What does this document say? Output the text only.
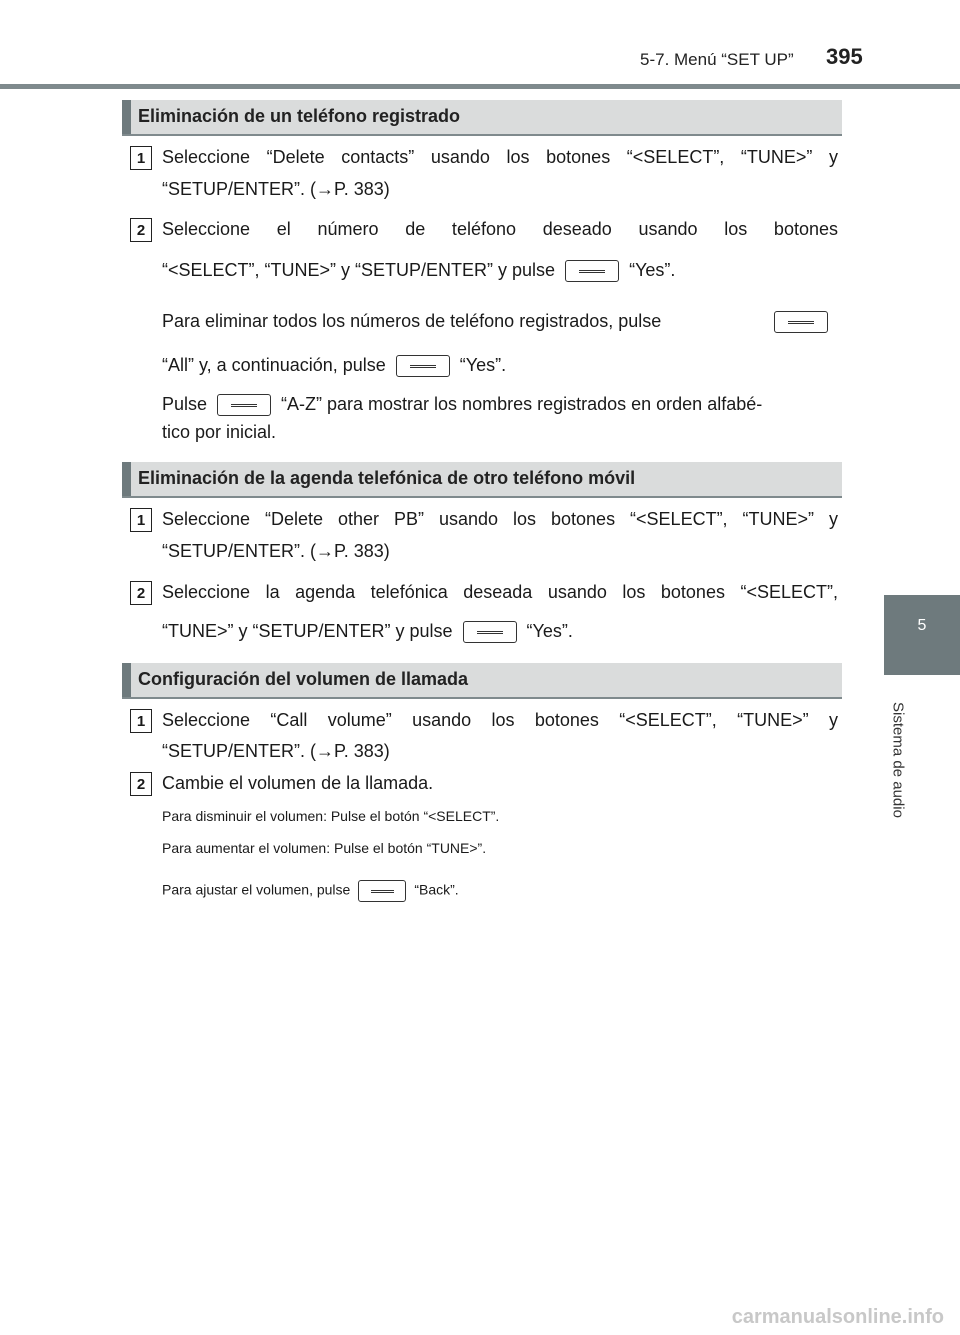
5-7. Menú “SET UP” 395
5
Sistema de audio
Eliminación de un teléfono registrado
1 Seleccione “Delete contacts” usando los botones “<SELECT”, “TUNE>” y
“SETUP/ENTER”. (→P. 383)
2 Seleccione el número de teléfono deseado usando los botones
“<SELECT”, “TUNE>” y “SETUP/ENTER” y pulse	“Yes”.
Para eliminar todos los números de teléfono registrados, pulse
“All” y, a continuación, pulse	“Yes”.
Pulse	“A-Z” para mostrar los nombres registrados en orden alfabé-
tico por inicial.
Eliminación de la agenda telefónica de otro teléfono móvil
1 Seleccione “Delete other PB” usando los botones “<SELECT”, “TUNE>” y
“SETUP/ENTER”. (→P. 383)
2 Seleccione la agenda telefónica deseada usando los botones “<SELECT”,
“TUNE>” y “SETUP/ENTER” y pulse	“Yes”.
Configuración del volumen de llamada
1 Seleccione “Call volume” usando los botones “<SELECT”, “TUNE>” y
“SETUP/ENTER”. (→P. 383)
2 Cambie el volumen de la llamada.
Para disminuir el volumen: Pulse el botón “<SELECT”.
Para aumentar el volumen: Pulse el botón “TUNE>”.
Para ajustar el volumen, pulse	“Back”.
carmanualsonline.info
